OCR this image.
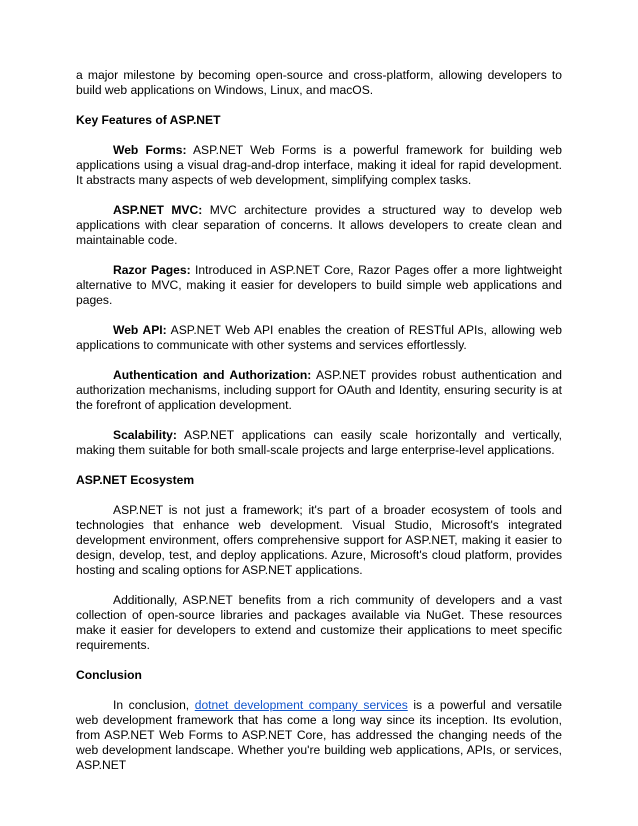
a major milestone by becoming open-source and cross-platform, allowing developers to build web applications on Windows, Linux, and macOS.

Key Features of ASP.NET

Web Forms: ASP.NET Web Forms is a powerful framework for building web applications using a visual drag-and-drop interface, making it ideal for rapid development. It abstracts many aspects of web development, simplifying complex tasks.

ASP.NET MVC: MVC architecture provides a structured way to develop web applications with clear separation of concerns. It allows developers to create clean and maintainable code.

Razor Pages: Introduced in ASP.NET Core, Razor Pages offer a more lightweight alternative to MVC, making it easier for developers to build simple web applications and pages.

Web API: ASP.NET Web API enables the creation of RESTful APIs, allowing web applications to communicate with other systems and services effortlessly.

Authentication and Authorization: ASP.NET provides robust authentication and authorization mechanisms, including support for OAuth and Identity, ensuring security is at the forefront of application development.

Scalability: ASP.NET applications can easily scale horizontally and vertically, making them suitable for both small-scale projects and large enterprise-level applications.

ASP.NET Ecosystem

ASP.NET is not just a framework; it's part of a broader ecosystem of tools and technologies that enhance web development. Visual Studio, Microsoft's integrated development environment, offers comprehensive support for ASP.NET, making it easier to design, develop, test, and deploy applications. Azure, Microsoft's cloud platform, provides hosting and scaling options for ASP.NET applications.

Additionally, ASP.NET benefits from a rich community of developers and a vast collection of open-source libraries and packages available via NuGet. These resources make it easier for developers to extend and customize their applications to meet specific requirements.

Conclusion

In conclusion, dotnet development company services is a powerful and versatile web development framework that has come a long way since its inception. Its evolution, from ASP.NET Web Forms to ASP.NET Core, has addressed the changing needs of the web development landscape. Whether you're building web applications, APIs, or services, ASP.NET
